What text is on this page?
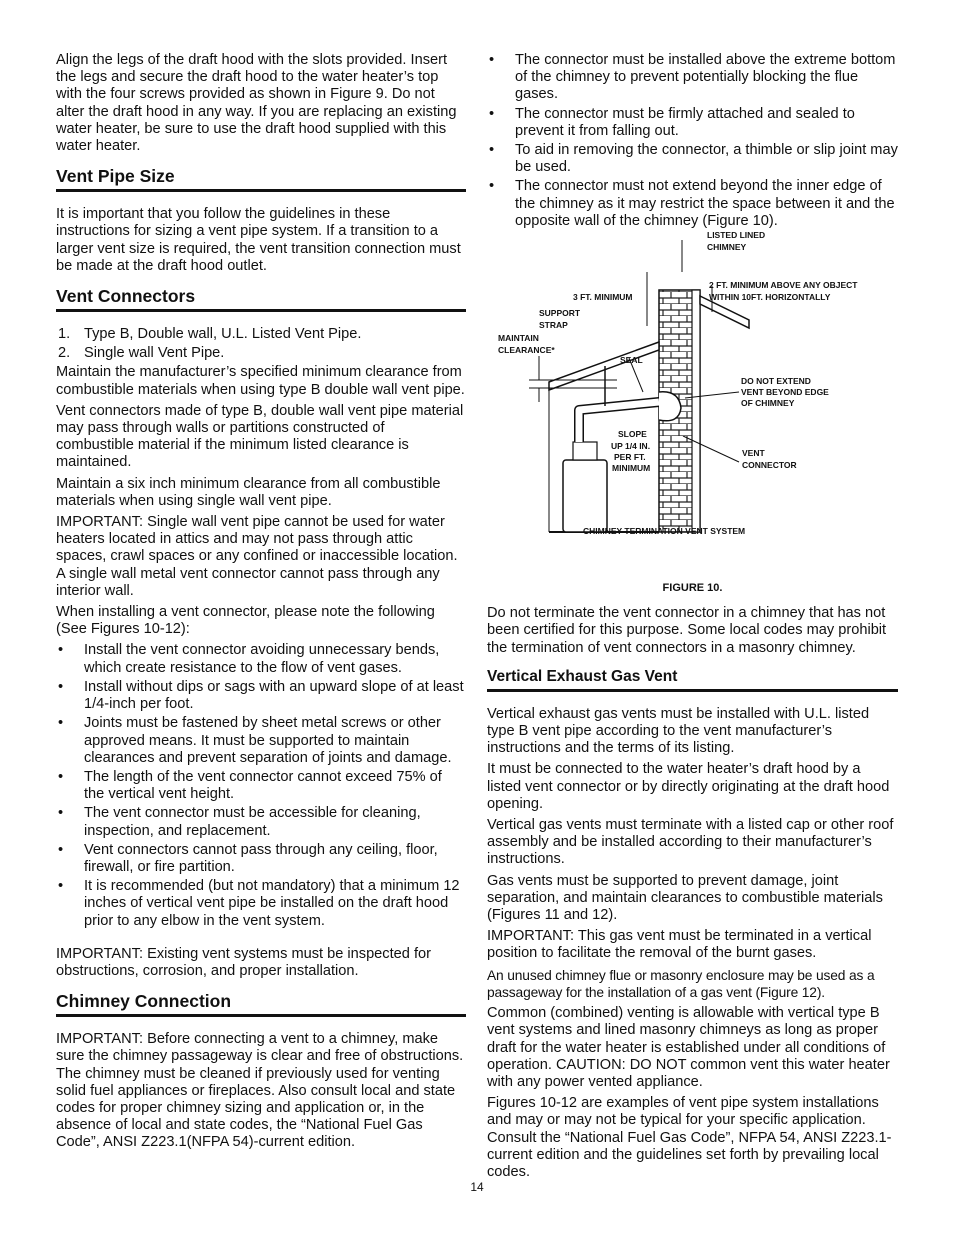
Align the legs of the draft hood with the slots provided. Insert the legs and secure the draft hood to the water heater’s top with the four screws provided as shown in Figure 9. Do not alter the draft hood in any way. If you are replacing an existing water heater, be sure to use the draft hood supplied with this water heater.

Vent Pipe Size

It is important that you follow the guidelines in these instructions for sizing a vent pipe system. If a transition to a larger vent size is required, the vent transition connection must be made at the draft hood outlet.

Vent Connectors
1. Type B, Double wall, U.L. Listed Vent Pipe.
2. Single wall Vent Pipe.

Maintain the manufacturer’s specified minimum clearance from combustible materials when using type B double wall vent pipe.

Vent connectors made of type B, double wall vent pipe material may pass through walls or partitions constructed of combustible material if the minimum listed clearance is maintained.

Maintain a six inch minimum clearance from all combustible materials when using single wall vent pipe.

IMPORTANT: Single wall vent pipe cannot be used for water heaters located in attics and may not pass through attic spaces, crawl spaces or any confined or inaccessible location. A single wall metal vent connector cannot pass through any interior wall.

When installing a vent connector, please note the following (See Figures 10-12):

• Install the vent connector avoiding unnecessary bends, which create resistance to the flow of vent gases.
• Install without dips or sags with an upward slope of at least 1/4-inch per foot.
• Joints must be fastened by sheet metal screws or other approved means. It must be supported to maintain clearances and prevent separation of joints and damage.
• The length of the vent connector cannot exceed 75% of the vertical vent height.
• The vent connector must be accessible for cleaning, inspection, and replacement.
• Vent connectors cannot pass through any ceiling, floor, firewall, or fire partition.
• It is recommended (but not mandatory) that a minimum 12 inches of vertical vent pipe be installed on the draft hood prior to any elbow in the vent system.

IMPORTANT: Existing vent systems must be inspected for obstructions, corrosion, and proper installation.

Chimney Connection

IMPORTANT: Before connecting a vent to a chimney, make sure the chimney passageway is clear and free of obstructions. The chimney must be cleaned if previously used for venting solid fuel appliances or fireplaces. Also consult local and state codes for proper chimney sizing and application or, in the absence of local and state codes, the “National Fuel Gas Code”, ANSI Z223.1(NFPA 54)-current edition.

• The connector must be installed above the extreme bottom of the chimney to prevent potentially blocking the flue gases.
• The connector must be firmly attached and sealed to prevent it from falling out.
• To aid in removing the connector, a thimble or slip joint may be used.
• The connector must not extend beyond the inner edge of the chimney as it may restrict the space between it and the opposite wall of the chimney (Figure 10).
LISTED LINED
CHIMNEY
3 FT. MINIMUM
2 FT. MINIMUM ABOVE ANY OBJECT
WITHIN 10FT. HORIZONTALLY
SUPPORT
STRAP
MAINTAIN
CLEARANCE*
SEAL
DO NOT EXTEND
VENT BEYOND EDGE
OF CHIMNEY
SLOPE
UP 1/4 IN.
PER FT.
MINIMUM
VENT
CONNECTOR
CHIMNEY TERMINATION VENT SYSTEM

FIGURE 10.

Do not terminate the vent connector in a chimney that has not been certified for this purpose. Some local codes may prohibit the termination of vent connectors in a masonry chimney.

Vertical Exhaust Gas Vent

Vertical exhaust gas vents must be installed with U.L. listed type B vent pipe according to the vent manufacturer’s instructions and the terms of its listing.

It must be connected to the water heater’s draft hood by a listed vent connector or by directly originating at the draft hood opening.

Vertical gas vents must terminate with a listed cap or other roof assembly and be installed according to their manufacturer’s instructions.

Gas vents must be supported to prevent damage, joint separation, and maintain clearances to combustible materials (Figures 11 and 12).

IMPORTANT: This gas vent must be terminated in a vertical position to facilitate the removal of the burnt gases.

An unused chimney flue or masonry enclosure may be used as a passageway for the installation of a gas vent (Figure 12).

Common (combined) venting is allowable with vertical type B vent systems and lined masonry chimneys as long as proper draft for the water heater is established under all conditions of operation. CAUTION: DO NOT common vent this water heater with any power vented appliance.

Figures 10-12 are examples of vent pipe system installations and may or may not be typical for your specific application. Consult the “National Fuel Gas Code”, NFPA 54, ANSI Z223.1-current edition and the guidelines set forth by prevailing local codes.

14
